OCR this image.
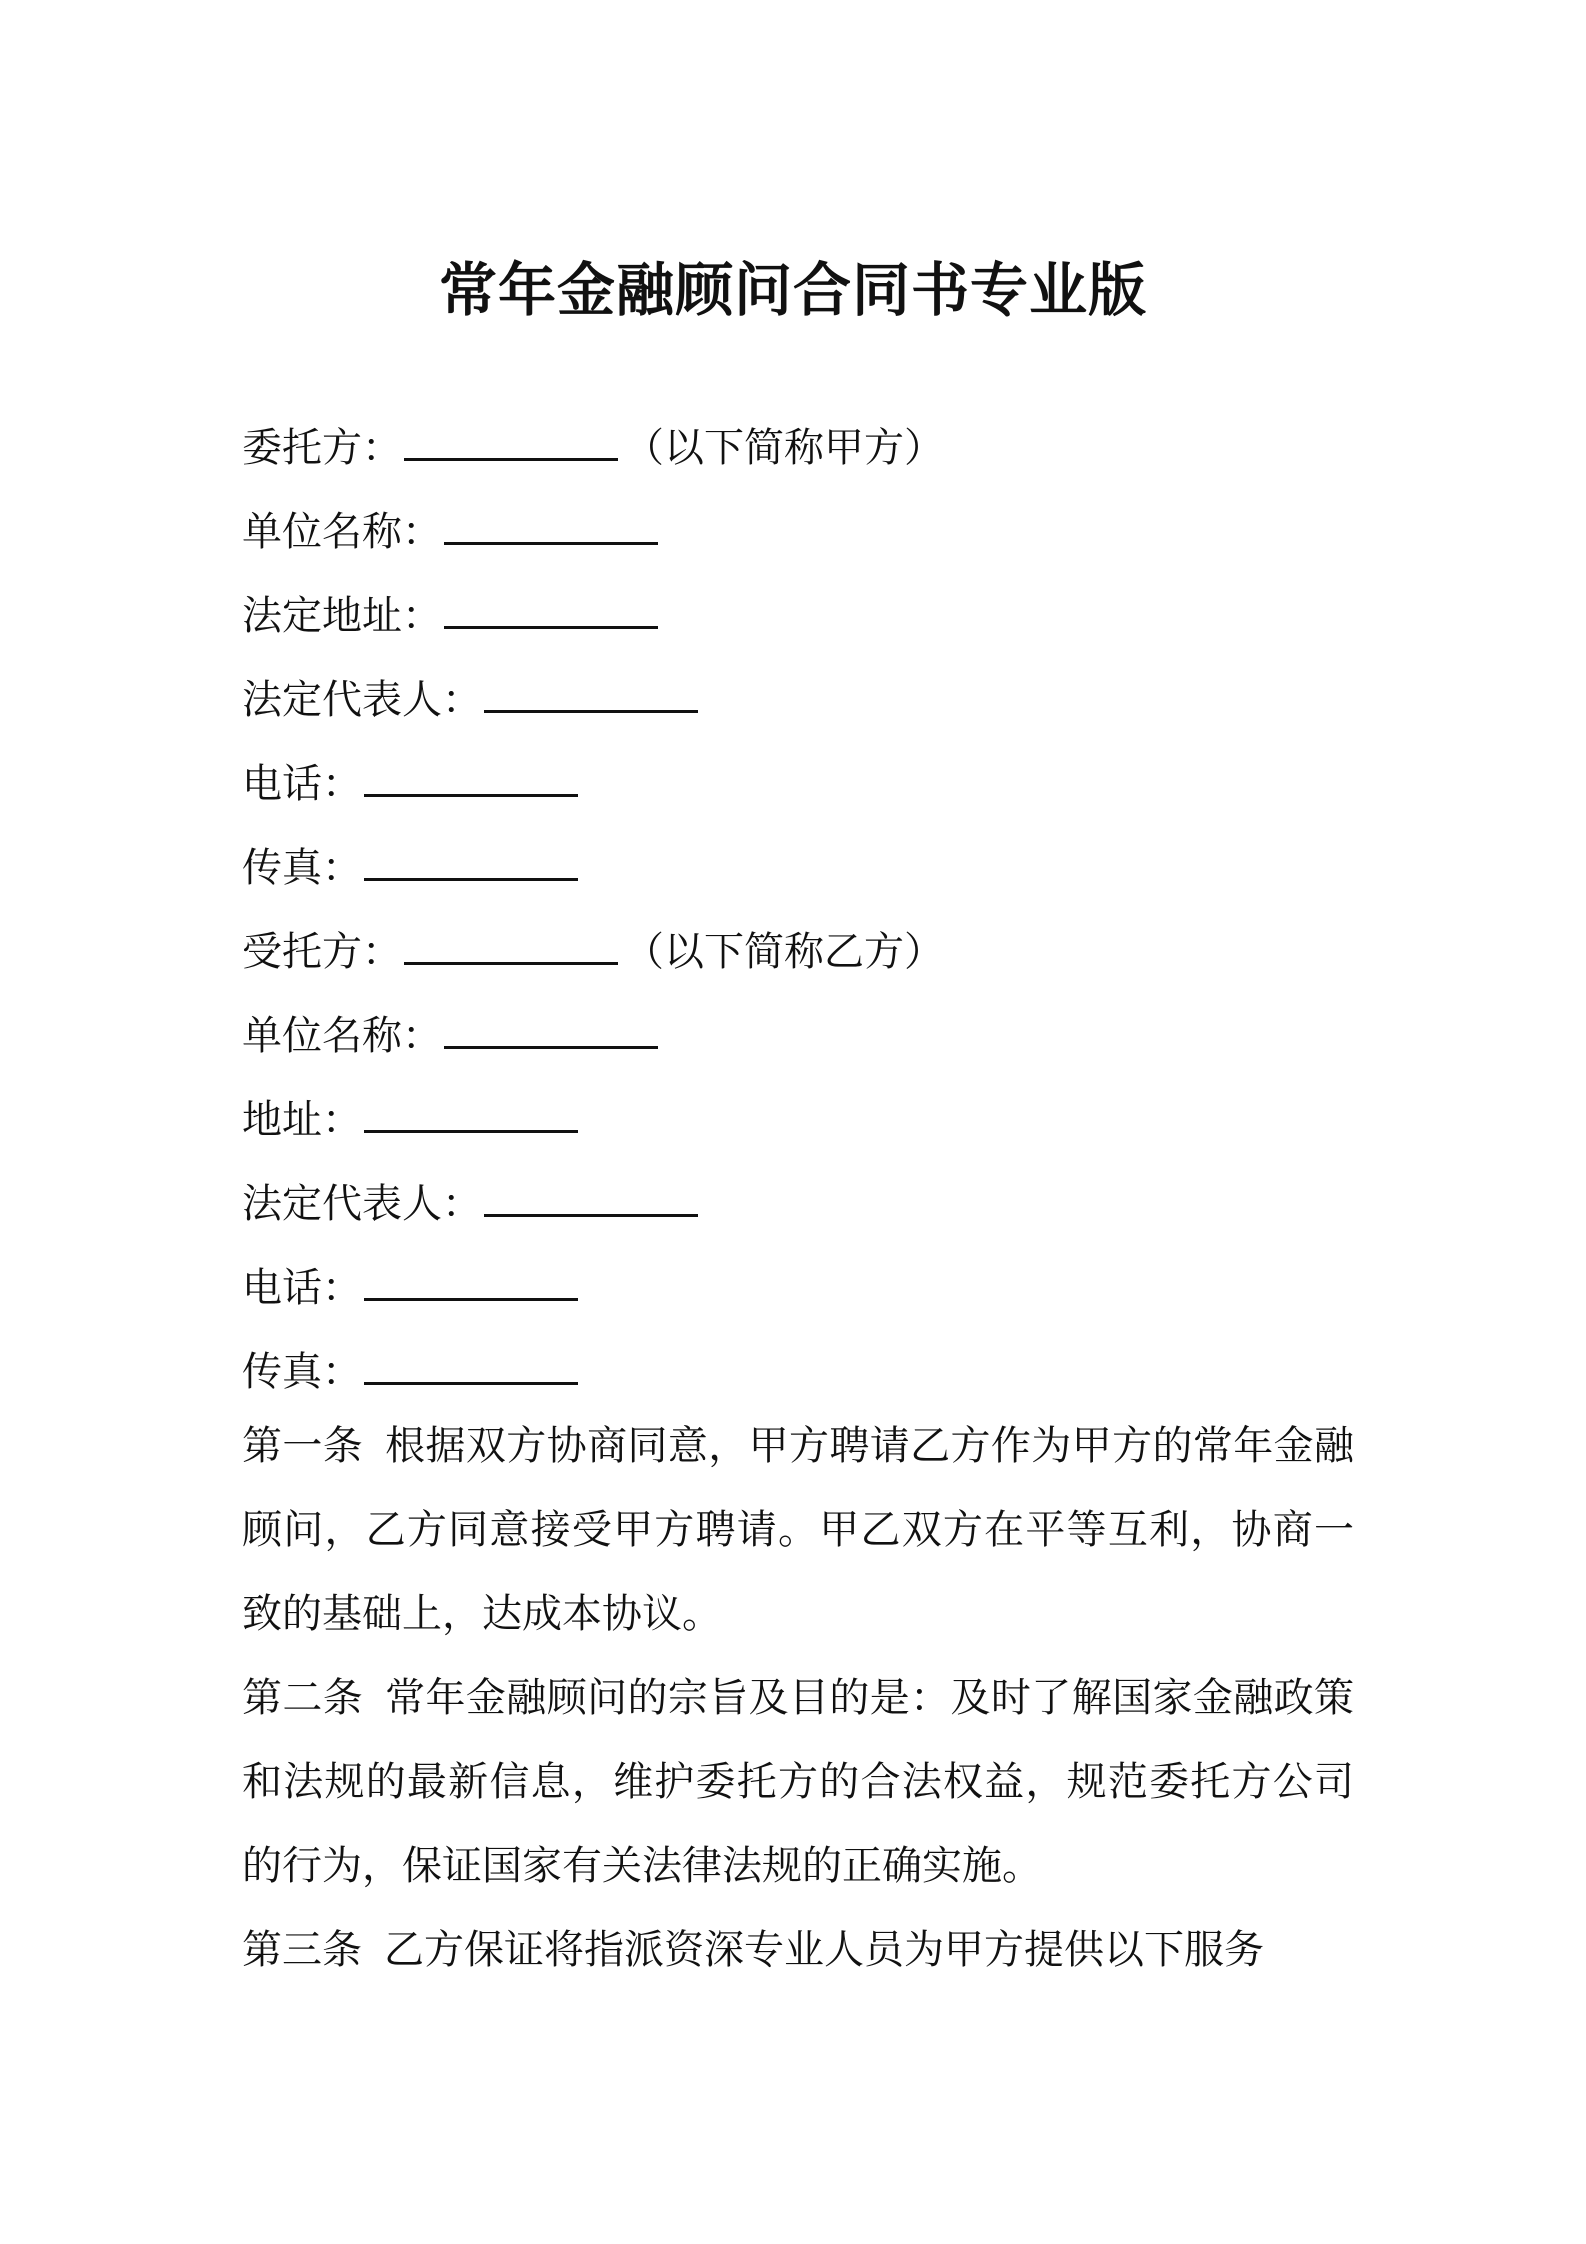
常年金融顾问合同书专业版
委托方：	（以下简称甲方）
单位名称：
法定地址：
法定代表人：
电话：
传真：
受托方：	（以下简称乙方）
单位名称：
地址：
法定代表人：
电话：
传真：

第一条 根据双方协商同意，甲方聘请乙方作为甲方的常年金融顾问，乙方同意接受甲方聘请。甲乙双方在平等互利，协商一致的基础上，达成本协议。

第二条 常年金融顾问的宗旨及目的是：及时了解国家金融政策和法规的最新信息，维护委托方的合法权益，规范委托方公司的行为，保证国家有关法律法规的正确实施。

第三条 乙方保证将指派资深专业人员为甲方提供以下服务
